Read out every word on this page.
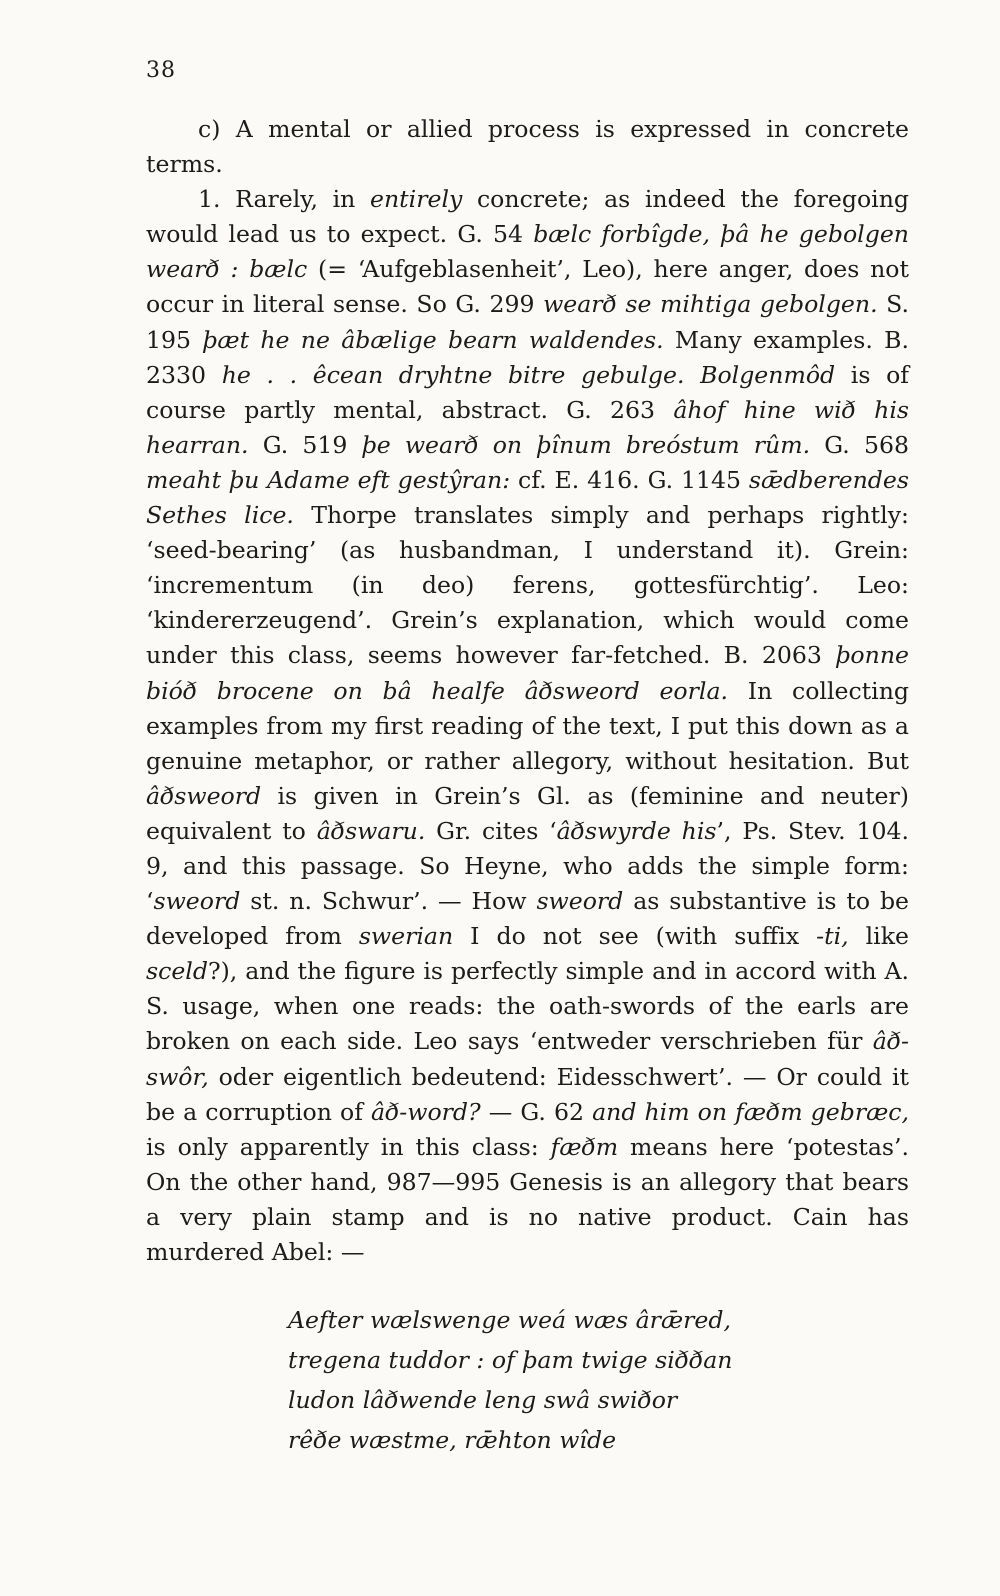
38

c) A mental or allied process is expressed in concrete terms.

1. Rarely, in entirely concrete; as indeed the foregoing would lead us to expect. G. 54 bælc forbîgde, þâ he gebolgen wearð : bælc (= ‘Aufgeblasenheit’, Leo), here anger, does not occur in literal sense. So G. 299 wearð se mihtiga gebolgen. S. 195 þæt he ne âbælige bearn waldendes. Many examples. B. 2330 he . . êcean dryhtne bitre gebulge. Bolgenmôd is of course partly mental, abstract. G. 263 âhof hine wið his hearran. G. 519 þe wearð on þînum breóstum rûm. G. 568 meaht þu Adame eft gestŷran: cf. E. 416. G. 1145 sǣdberendes Sethes lice. Thorpe translates simply and perhaps rightly: ‘seed-bearing’ (as husbandman, I understand it). Grein: ‘incrementum (in deo) ferens, gottesfürchtig’. Leo: ‘kindererzeugend’. Grein’s explanation, which would come under this class, seems however far-fetched. B. 2063 þonne bióð brocene on bâ healfe âðsweord eorla. In collecting examples from my first reading of the text, I put this down as a genuine metaphor, or rather allegory, without hesitation. But âðsweord is given in Grein’s Gl. as (feminine and neuter) equivalent to âðswaru. Gr. cites ‘âðswyrde his’, Ps. Stev. 104. 9, and this passage. So Heyne, who adds the simple form: ‘sweord st. n. Schwur’. — How sweord as substantive is to be developed from swerian I do not see (with suffix -ti, like sceld?), and the figure is perfectly simple and in accord with A. S. usage, when one reads: the oath-swords of the earls are broken on each side. Leo says ‘entweder verschrieben für âð-swôr, oder eigentlich bedeutend: Eidesschwert’. — Or could it be a corruption of âð-word? — G. 62 and him on fæðm gebræc, is only apparently in this class: fæðm means here ‘potestas’. On the other hand, 987—995 Genesis is an allegory that bears a very plain stamp and is no native product. Cain has murdered Abel: —

Aefter wælswenge weá wæs ârǣred,
tregena tuddor : of þam twige siððan
ludon lâðwende leng swâ swiðor
rêðe wæstme, rǣhton wîde
